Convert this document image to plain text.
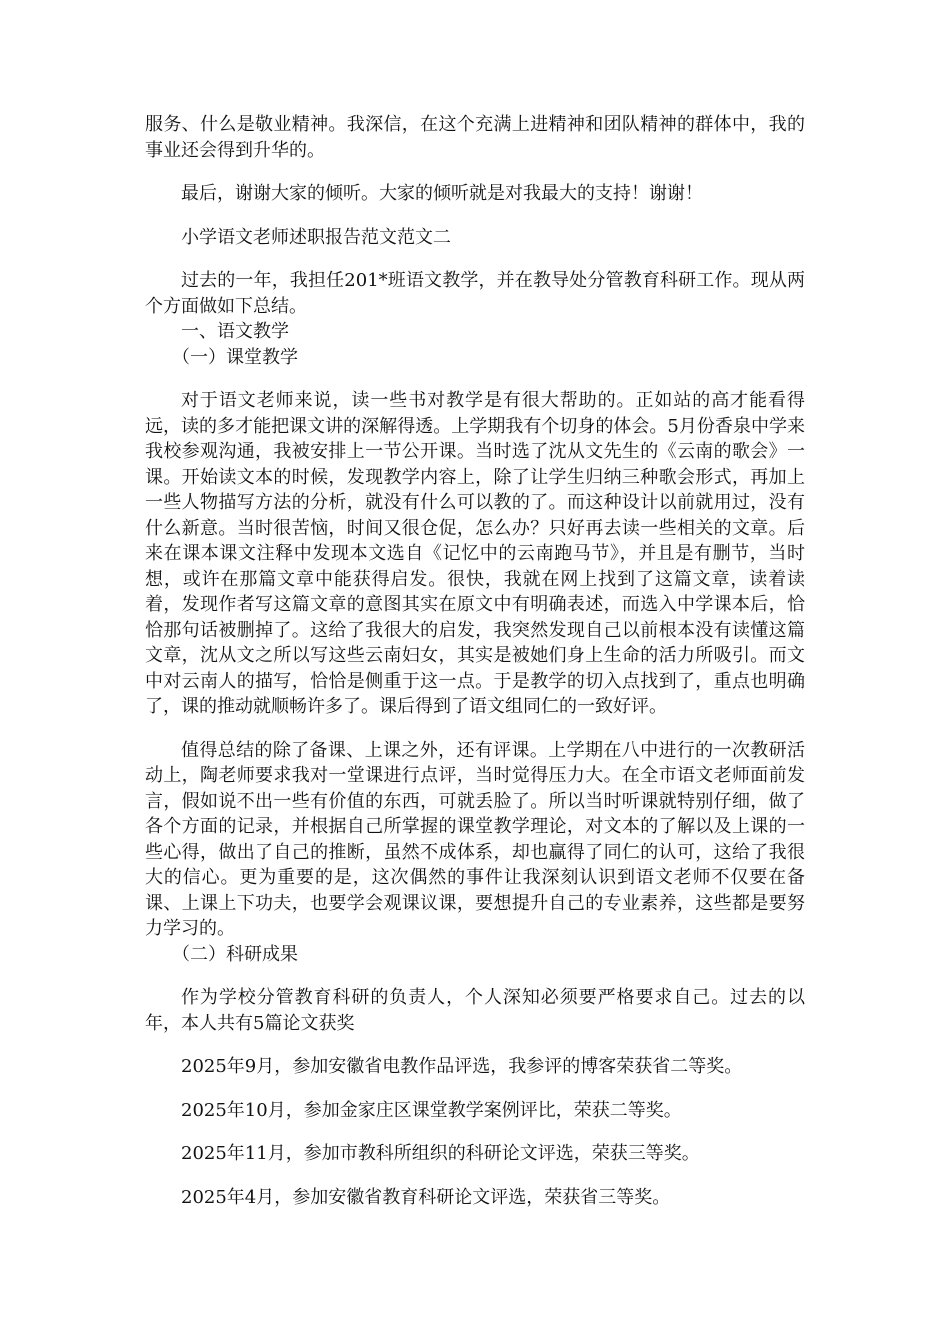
服务、什么是敬业精神。我深信，在这个充满上进精神和团队精神的群体中，我的事业还会得到升华的。

最后，谢谢大家的倾听。大家的倾听就是对我最大的支持！谢谢！

小学语文老师述职报告范文范文二

过去的一年，我担任201*班语文教学，并在教导处分管教育科研工作。现从两个方面做如下总结。

一、语文教学

（一）课堂教学

对于语文老师来说，读一些书对教学是有很大帮助的。正如站的高才能看得远，读的多才能把课文讲的深解得透。上学期我有个切身的体会。5月份香泉中学来我校参观沟通，我被安排上一节公开课。当时选了沈从文先生的《云南的歌会》一课。开始读文本的时候，发现教学内容上，除了让学生归纳三种歌会形式，再加上一些人物描写方法的分析，就没有什么可以教的了。而这种设计以前就用过，没有什么新意。当时很苦恼，时间又很仓促，怎么办？只好再去读一些相关的文章。后来在课本课文注释中发现本文选自《记忆中的云南跑马节》，并且是有删节，当时想，或许在那篇文章中能获得启发。很快，我就在网上找到了这篇文章，读着读着，发现作者写这篇文章的意图其实在原文中有明确表述，而选入中学课本后，恰恰那句话被删掉了。这给了我很大的启发，我突然发现自己以前根本没有读懂这篇文章，沈从文之所以写这些云南妇女，其实是被她们身上生命的活力所吸引。而文中对云南人的描写，恰恰是侧重于这一点。于是教学的切入点找到了，重点也明确了，课的推动就顺畅许多了。课后得到了语文组同仁的一致好评。

值得总结的除了备课、上课之外，还有评课。上学期在八中进行的一次教研活动上，陶老师要求我对一堂课进行点评，当时觉得压力大。在全市语文老师面前发言，假如说不出一些有价值的东西，可就丢脸了。所以当时听课就特别仔细，做了各个方面的记录，并根据自己所掌握的课堂教学理论，对文本的了解以及上课的一些心得，做出了自己的推断，虽然不成体系，却也赢得了同仁的认可，这给了我很大的信心。更为重要的是，这次偶然的事件让我深刻认识到语文老师不仅要在备课、上课上下功夫，也要学会观课议课，要想提升自己的专业素养，这些都是要努力学习的。

（二）科研成果

作为学校分管教育科研的负责人，个人深知必须要严格要求自己。过去的以年，本人共有5篇论文获奖

2025年9月，参加安徽省电教作品评选，我参评的博客荣获省二等奖。

2025年10月，参加金家庄区课堂教学案例评比，荣获二等奖。

2025年11月，参加市教科所组织的科研论文评选，荣获三等奖。

2025年4月，参加安徽省教育科研论文评选，荣获省三等奖。
